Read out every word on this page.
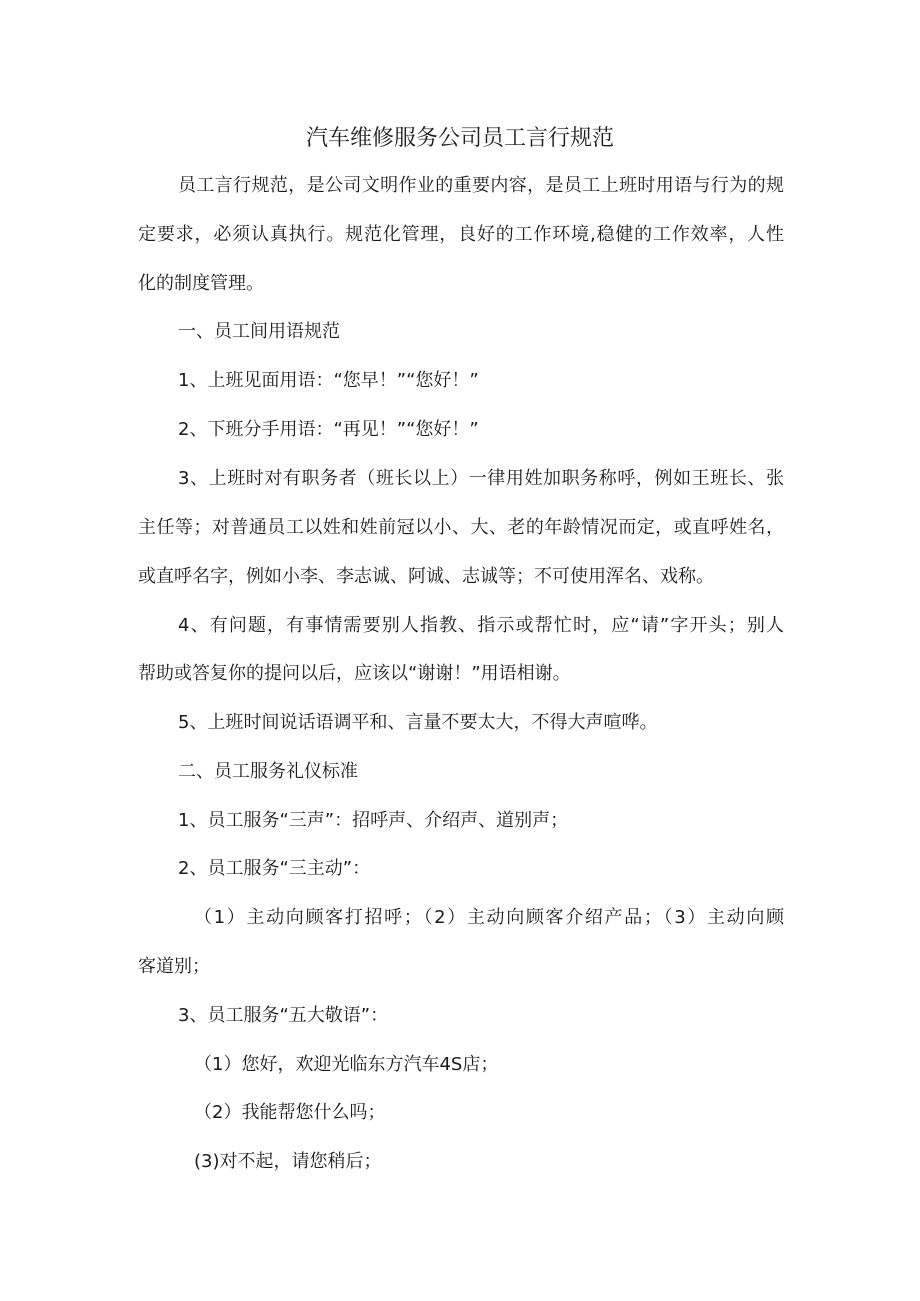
汽车维修服务公司员工言行规范
员工言行规范，是公司文明作业的重要内容，是员工上班时用语与行为的规
定要求，必须认真执行。规范化管理，良好的工作环境,稳健的工作效率，人性
化的制度管理。
一、员工间用语规范
1、上班见面用语：“您早！”“您好！”
2、下班分手用语：“再见！”“您好！”
3、上班时对有职务者（班长以上）一律用姓加职务称呼，例如王班长、张
主任等；对普通员工以姓和姓前冠以小、大、老的年龄情况而定，或直呼姓名，
或直呼名字，例如小李、李志诚、阿诚、志诚等；不可使用浑名、戏称。
4、有问题，有事情需要别人指教、指示或帮忙时，应“请”字开头；别人
帮助或答复你的提问以后，应该以“谢谢！”用语相谢。
5、上班时间说话语调平和、言量不要太大，不得大声喧哗。
二、员工服务礼仪标准
1、员工服务“三声”：招呼声、介绍声、道别声；
2、员工服务“三主动”：
（1）主动向顾客打招呼；（2）主动向顾客介绍产品；（3）主动向顾
客道别；
3、员工服务“五大敬语”：
（1）您好，欢迎光临东方汽车4S店；
（2）我能帮您什么吗；
(3)对不起，请您稍后；
